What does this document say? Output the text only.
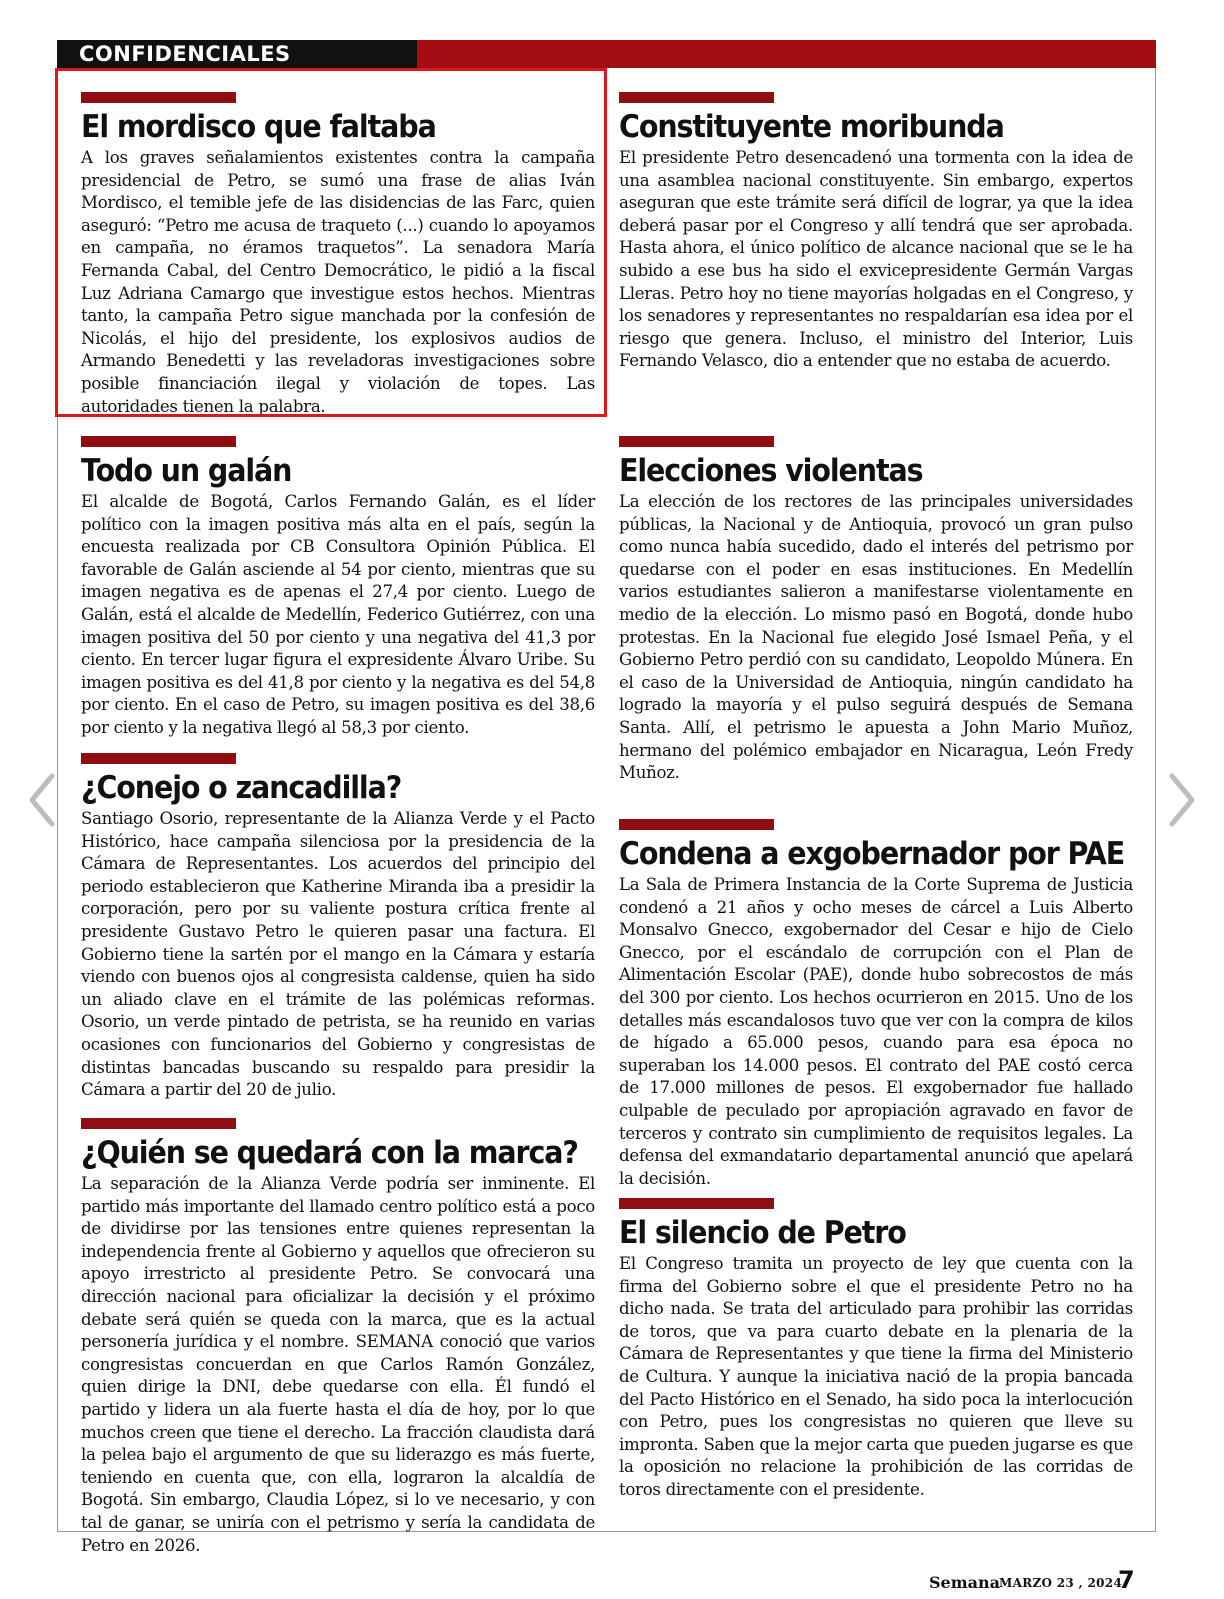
CONFIDENCIALES
El mordisco que faltaba

A los graves señalamientos existentes contra la campaña presidencial de Petro, se sumó una frase de alias Iván Mordisco, el temible jefe de las disidencias de las Farc, quien aseguró: “Petro me acusa de traqueto (...) cuando lo apoyamos en campaña, no éramos traquetos”. La senadora María Fernanda Cabal, del Centro Democrático, le pidió a la fiscal Luz Adriana Camargo que investigue estos hechos. Mientras tanto, la campaña Petro sigue manchada por la confesión de Nicolás, el hijo del presidente, los explosivos audios de Armando Benedetti y las reveladoras investigaciones sobre posible financiación ilegal y violación de topes. Las autoridades tienen la palabra.

Todo un galán

El alcalde de Bogotá, Carlos Fernando Galán, es el líder político con la imagen positiva más alta en el país, según la encuesta realizada por CB Consultora Opinión Pública. El favorable de Galán asciende al 54 por ciento, mientras que su imagen negativa es de apenas el 27,4 por ciento. Luego de Galán, está el alcalde de Medellín, Federico Gutiérrez, con una imagen positiva del 50 por ciento y una negativa del 41,3 por ciento. En tercer lugar figura el expresidente Álvaro Uribe. Su imagen positiva es del 41,8 por ciento y la negativa es del 54,8 por ciento. En el caso de Petro, su imagen positiva es del 38,6 por ciento y la negativa llegó al 58,3 por ciento.

¿Conejo o zancadilla?

Santiago Osorio, representante de la Alianza Verde y el Pacto Histórico, hace campaña silenciosa por la presidencia de la Cámara de Representantes. Los acuerdos del principio del periodo establecieron que Katherine Miranda iba a presidir la corporación, pero por su valiente postura crítica frente al presidente Gustavo Petro le quieren pasar una factura. El Gobierno tiene la sartén por el mango en la Cámara y estaría viendo con buenos ojos al congresista caldense, quien ha sido un aliado clave en el trámite de las polémicas reformas. Osorio, un verde pintado de petrista, se ha reunido en varias ocasiones con funcionarios del Gobierno y congresistas de distintas bancadas buscando su respaldo para presidir la Cámara a partir del 20 de julio.

¿Quién se quedará con la marca?

La separación de la Alianza Verde podría ser inminente. El partido más importante del llamado centro político está a poco de dividirse por las tensiones entre quienes representan la independencia frente al Gobierno y aquellos que ofrecieron su apoyo irrestricto al presidente Petro. Se convocará una dirección nacional para oficializar la decisión y el próximo debate será quién se queda con la marca, que es la actual personería jurídica y el nombre. SEMANA conoció que varios congresistas concuerdan en que Carlos Ramón González, quien dirige la DNI, debe quedarse con ella. Él fundó el partido y lidera un ala fuerte hasta el día de hoy, por lo que muchos creen que tiene el derecho. La fracción claudista dará la pelea bajo el argumento de que su liderazgo es más fuerte, teniendo en cuenta que, con ella, lograron la alcaldía de Bogotá. Sin embargo, Claudia López, si lo ve necesario, y con tal de ganar, se uniría con el petrismo y sería la candidata de Petro en 2026.

Constituyente moribunda

El presidente Petro desencadenó una tormenta con la idea de una asamblea nacional constituyente. Sin embargo, expertos aseguran que este trámite será difícil de lograr, ya que la idea deberá pasar por el Congreso y allí tendrá que ser aprobada. Hasta ahora, el único político de alcance nacional que se le ha subido a ese bus ha sido el exvicepresidente Germán Vargas Lleras. Petro hoy no tiene mayorías holgadas en el Congreso, y los senadores y representantes no respaldarían esa idea por el riesgo que genera. Incluso, el ministro del Interior, Luis Fernando Velasco, dio a entender que no estaba de acuerdo.

Elecciones violentas

La elección de los rectores de las principales universidades públicas, la Nacional y de Antioquia, provocó un gran pulso como nunca había sucedido, dado el interés del petrismo por quedarse con el poder en esas instituciones. En Medellín varios estudiantes salieron a manifestarse violentamente en medio de la elección. Lo mismo pasó en Bogotá, donde hubo protestas. En la Nacional fue elegido José Ismael Peña, y el Gobierno Petro perdió con su candidato, Leopoldo Múnera. En el caso de la Universidad de Antioquia, ningún candidato ha logrado la mayoría y el pulso seguirá después de Semana Santa. Allí, el petrismo le apuesta a John Mario Muñoz, hermano del polémico embajador en Nicaragua, León Fredy Muñoz.

Condena a exgobernador por PAE

La Sala de Primera Instancia de la Corte Suprema de Justicia condenó a 21 años y ocho meses de cárcel a Luis Alberto Monsalvo Gnecco, exgobernador del Cesar e hijo de Cielo Gnecco, por el escándalo de corrupción con el Plan de Alimentación Escolar (PAE), donde hubo sobrecostos de más del 300 por ciento. Los hechos ocurrieron en 2015. Uno de los detalles más escandalosos tuvo que ver con la compra de kilos de hígado a 65.000 pesos, cuando para esa época no superaban los 14.000 pesos. El contrato del PAE costó cerca de 17.000 millones de pesos. El exgobernador fue hallado culpable de peculado por apropiación agravado en favor de terceros y contrato sin cumplimiento de requisitos legales. La defensa del exmandatario departamental anunció que apelará la decisión.

El silencio de Petro

El Congreso tramita un proyecto de ley que cuenta con la firma del Gobierno sobre el que el presidente Petro no ha dicho nada. Se trata del articulado para prohibir las corridas de toros, que va para cuarto debate en la plenaria de la Cámara de Representantes y que tiene la firma del Ministerio de Cultura. Y aunque la iniciativa nació de la propia bancada del Pacto Histórico en el Senado, ha sido poca la interlocución con Petro, pues los congresistas no quieren que lleve su impronta. Saben que la mejor carta que pueden jugarse es que la oposición no relacione la prohibición de las corridas de toros directamente con el presidente.

Semana
MARZO 23 , 2024
7
